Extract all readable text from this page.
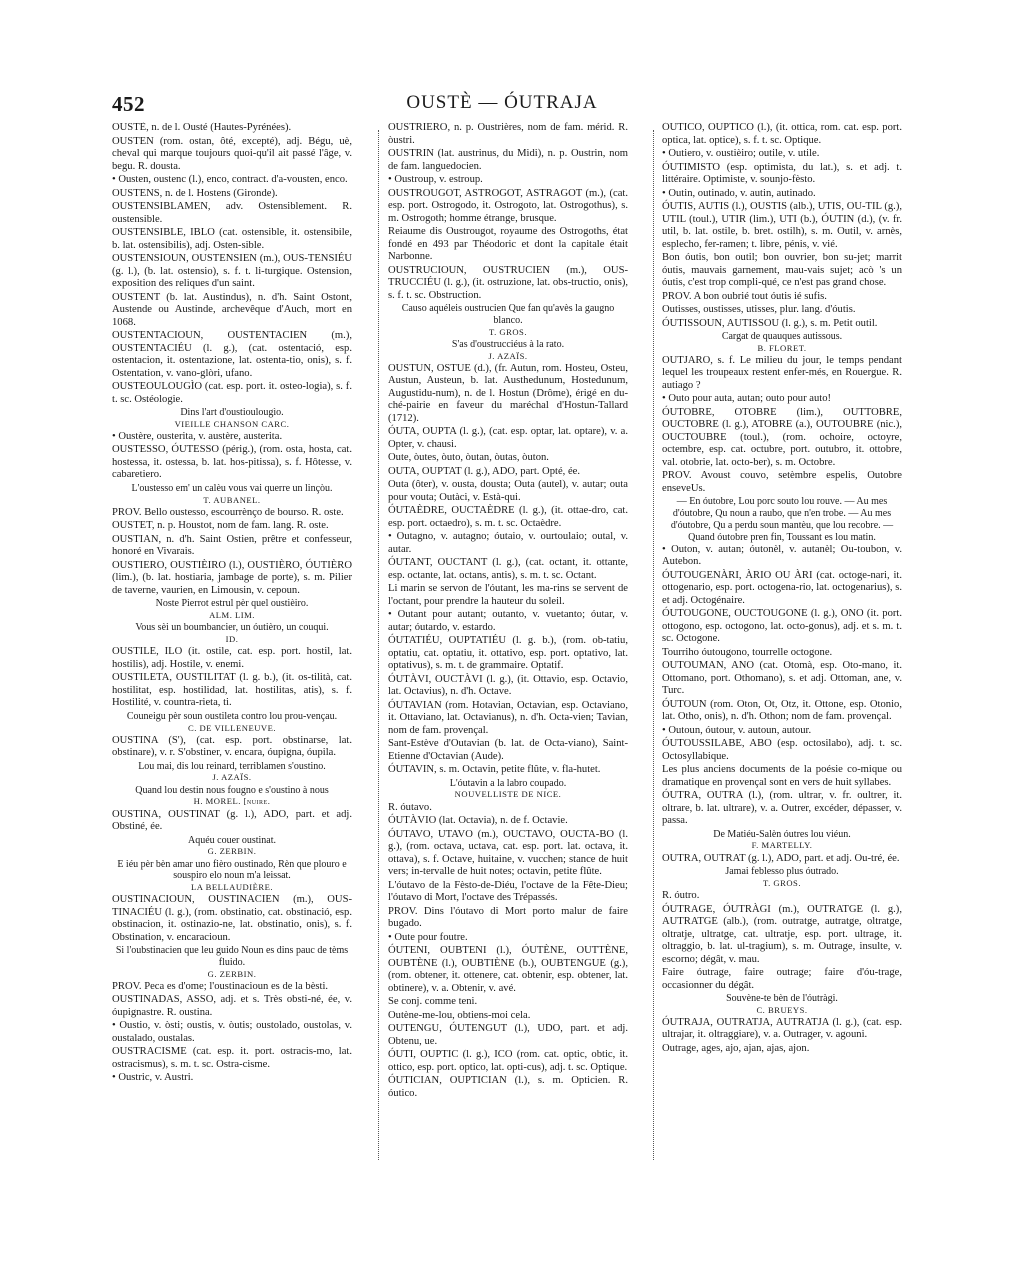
452	OUSTÈ — ÓUTRAJA

OUSTÈ, n. de l. Ousté (Hautes-Pyrénées).

OUSTEN (rom. ostan, ôté, excepté), adj. Bégu, uè, cheval qui marque toujours quoi-qu'il ait passé l'âge, v. begu. R. dousta.

• Ousten, oustenc (l.), enco, contract. d'a-vousten, enco.

OUSTENS, n. de l. Hostens (Gironde).

OUSTENSIBLAMEN, adv. Ostensiblement. R. oustensible.

OUSTENSIBLE, IBLO (cat. ostensible, it. ostensibile, b. lat. ostensibilis), adj. Osten-sible.

OUSTENSIOUN, OUSTENSIEN (m.), OUS-TENSIÉU (g. l.), (b. lat. ostensio), s. f. t. li-turgique. Ostension, exposition des reliques d'un saint.

OUSTENT (b. lat. Austindus), n. d'h. Saint Ostont, Austende ou Austinde, archevêque d'Auch, mort en 1068.

OUSTENTACIOUN, OUSTENTACIEN (m.), OUSTENTACIÉU (l. g.), (cat. ostentació, esp. ostentacion, it. ostentazione, lat. ostenta-tio, onis), s. f. Ostentation, v. vano-glòri, ufano.

OUSTEOULOUGÌO (cat. esp. port. it. osteo-logia), s. f. t. sc. Ostéologie.

Dins l'art d'oustioulougìo.

VIEILLE CHANSON CARC.

• Oustère, ousterita, v. austère, austerita.

OUSTESSO, ÓUTESSO (périg.), (rom. osta, hosta, cat. hostessa, it. ostessa, b. lat. hos-pitissa), s. f. Hôtesse, v. cabaretiero.

L'oustesso em' un calèu vous vai querre un linçòu.

T. AUBANEL.

PROV. Bello oustesso, escourrènço de bourso. R. oste.

OUSTET, n. p. Houstot, nom de fam. lang. R. oste.

OUSTIAN, n. d'h. Saint Ostien, prêtre et confesseur, honoré en Vivarais.

OUSTIERO, OUSTIÈIRO (l.), OUSTIÈRO, ÓUTIÈRO (lim.), (b. lat. hostiaria, jambage de porte), s. m. Pilier de taverne, vaurien, en Limousin, v. cepoun.

Noste Pierrot estrul pèr quel oustièiro.

ALM. LIM.

Vous sèi un boumbancier, un óutièro, un couqui.

ID.

OUSTILE, ILO (it. ostile, cat. esp. port. hostil, lat. hostilis), adj. Hostile, v. enemi.

OUSTILETA, OUSTILITAT (l. g. b.), (it. os-tilità, cat. hostilitat, esp. hostilidad, lat. hostilitas, atis), s. f. Hostilité, v. countra-rieta, ti.

Couneigu pèr soun oustileta contro lou prou-vençau.

C. DE VILLENEUVE.

OUSTINA (S'), (cat. esp. port. obstinarse, lat. obstinare), v. r. S'obstiner, v. encara, óupigna, óupila.

Lou mai, dis lou reinard, terriblamen s'oustino.

J. AZAÏS.

Quand lou destin nous fougno e s'oustino à nous

H. MOREL. [nuire.

OUSTINA, OUSTINAT (g. l.), ADO, part. et adj. Obstiné, ée.

Aquéu couer oustinat.

G. ZERBIN.

E iéu pèr bèn amar uno fièro oustinado, Rèn que plouro e souspiro elo noun m'a leissat.

LA BELLAUDIÈRE.

OUSTINACIOUN, OUSTINACIEN (m.), OUS-TINACIÉU (l. g.), (rom. obstinatio, cat. obstinació, esp. obstinacion, it. ostinazio-ne, lat. obstinatio, onis), s. f. Obstination, v. encaracioun.

Si l'oubstinacien que leu guido Noun es dins pauc de tèms fluido.

G. ZERBIN.

PROV. Peca es d'ome; l'oustinacioun es de la bèsti.

OUSTINADAS, ASSO, adj. et s. Très obsti-né, ée, v. óupignastre. R. oustina.

• Oustio, v. òsti; oustis, v. òutis; oustolado, oustolas, v. oustalado, oustalas.

OUSTRACISME (cat. esp. it. port. ostracis-mo, lat. ostracismus), s. m. t. sc. Ostra-cisme.

• Oustric, v. Austri.

OUSTRIERO, n. p. Oustrières, nom de fam. mérid. R. òustri.

OUSTRIN (lat. austrinus, du Midi), n. p. Oustrin, nom de fam. languedocien.

• Oustroup, v. estroup.

OUSTROUGOT, ASTROGOT, ASTRAGOT (m.), (cat. esp. port. Ostrogodo, it. Ostrogoto, lat. Ostrogothus), s. m. Ostrogoth; homme étrange, brusque.

Reiaume dis Oustrougot, royaume des Ostrogoths, état fondé en 493 par Théodoric et dont la capitale était Narbonne.

OUSTRUCIOUN, OUSTRUCIEN (m.), OUS-TRUCCIÉU (l. g.), (it. ostruzione, lat. obs-tructio, onis), s. f. t. sc. Obstruction.

Causo aquéleis oustrucien Que fan qu'avès la gaugno blanco.

T. GROS.

S'as d'oustrucciéus à la rato.

J. AZAÏS.

OUSTUN, OSTUE (d.), (fr. Autun, rom. Hosteu, Osteu, Austun, Austeun, b. lat. Austhedunum, Hostedunum, Augustidu-num), n. de l. Hostun (Drôme), érigé en du-ché-pairie en faveur du maréchal d'Hostun-Tallard (1712).

ÓUTA, OUPTA (l. g.), (cat. esp. optar, lat. optare), v. a. Opter, v. chausi.

Oute, òutes, òuto, òutan, òutas, òuton.

OUTA, OUPTAT (l. g.), ADO, part. Opté, ée.

Outa (ôter), v. ousta, dousta; Outa (autel), v. autar; outa pour vouta; Outàci, v. Està-qui.

ÓUTAÈDRE, OUCTAÈDRE (l. g.), (it. ottae-dro, cat. esp. port. octaedro), s. m. t. sc. Octaèdre.

• Outagno, v. autagno; óutaio, v. ourtoulaio; outal, v. autar.

ÓUTANT, OUCTANT (l. g.), (cat. octant, it. ottante, esp. octante, lat. octans, antis), s. m. t. sc. Octant.

Li marin se servon de l'óutant, les ma-rins se servent de l'octant, pour prendre la hauteur du soleil.

• Outant pour autant; outanto, v. vuetanto; óutar, v. autar; óutardo, v. estardo.

ÓUTATIÉU, OUPTATIÉU (l. g. b.), (rom. ob-tatiu, optatiu, cat. optatiu, it. ottativo, esp. port. optativo, lat. optativus), s. m. t. de grammaire. Optatif.

ÓUTÀVI, OUCTÀVI (l. g.), (it. Ottavio, esp. Octavio, lat. Octavius), n. d'h. Octave.

ÓUTAVIAN (rom. Hotavian, Octavian, esp. Octaviano, it. Ottaviano, lat. Octavianus), n. d'h. Octa-vien; Tavian, nom de fam. provençal.

Sant-Estève d'Outavian (b. lat. de Octa-viano), Saint-Etienne d'Octavian (Aude).

ÓUTAVIN, s. m. Octavin, petite flûte, v. fla-hutet.

L'óutavin a la labro coupado.

NOUVELLISTE DE NICE.

R. óutavo.

ÓUTÀVIO (lat. Octavia), n. de f. Octavie.

ÓUTAVO, UTAVO (m.), OUCTAVO, OUCTA-BO (l. g.), (rom. octava, uctava, cat. esp. port. lat. octava, it. ottava), s. f. Octave, huitaine, v. vucchen; stance de huit vers; in-tervalle de huit notes; octavin, petite flûte.

L'óutavo de la Fèsto-de-Diéu, l'octave de la Fête-Dieu; l'óutavo di Mort, l'octave des Trépassés.

PROV. Dins l'óutavo di Mort porto malur de faire bugado.

• Oute pour foutre.

ÓUTENI, OUBTENI (l.), ÓUTÈNE, OUTTÈNE, OUBTÈNE (l.), OUBTIÈNE (b.), OUBTENGUE (g.), (rom. obtener, it. ottenere, cat. obtenir, esp. obtener, lat. obtinere), v. a. Obtenir, v. avé.

Se conj. comme teni.

Outène-me-lou, obtiens-moi cela.

OUTENGU, ÓUTENGUT (l.), UDO, part. et adj. Obtenu, ue.

ÓUTI, OUPTIC (l. g.), ICO (rom. cat. optic, obtic, it. ottico, esp. port. optico, lat. opti-cus), adj. t. sc. Optique.

ÓUTICIAN, OUPTICIAN (l.), s. m. Opticien. R. óutico.

ÓUTICO, OUPTICO (l.), (it. ottica, rom. cat. esp. port. optica, lat. optice), s. f. t. sc. Optique.

• Outiero, v. oustièiro; outile, v. utile.

ÓUTIMISTO (esp. optimista, du lat.), s. et adj. t. littéraire. Optimiste, v. sounjo-fèsto.

• Outin, outinado, v. autin, autinado.

ÓUTIS, AUTIS (l.), OUSTIS (alb.), UTIS, OU-TIL (g.), UTIL (toul.), UTIR (lim.), UTI (b.), ÓUTIN (d.), (v. fr. util, b. lat. ostile, b. bret. ostilh), s. m. Outil, v. arnès, esplecho, fer-ramen; t. libre, pénis, v. vié.

Bon óutis, bon outil; bon ouvrier, bon su-jet; marrit óutis, mauvais garnement, mau-vais sujet; acò 's un óutis, c'est trop compli-qué, ce n'est pas grand chose.

PROV. A bon oubrié tout óutis ié sufis.

Outisses, oustisses, utisses, plur. lang. d'óutis.

ÓUTISSOUN, AUTISSOU (l. g.), s. m. Petit outil.

Cargat de quauques autissous.

B. FLORET.

OUTJARO, s. f. Le milieu du jour, le temps pendant lequel les troupeaux restent enfer-més, en Rouergue. R. autiago ?

• Outo pour auta, autan; outo pour auto!

ÓUTOBRE, OTOBRE (lim.), OUTTOBRE, OUCTOBRE (l. g.), ATOBRE (a.), OUTOUBRE (nic.), OUCTOUBRE (toul.), (rom. ochoire, octoyre, octembre, esp. cat. octubre, port. outubro, it. ottobre, val. otobrie, lat. octo-ber), s. m. Octobre.

PROV. Avoust couvo, setèmbre espelis, Outobre enseveUs.

— En óutobre, Lou porc souto lou rouve. — Au mes d'óutobre, Qu noun a raubo, que n'en trobe. — Au mes d'óutobre, Qu a perdu soun mantèu, que lou recobre. — Quand óutobre pren fin, Toussant es lou matin.

• Outon, v. autan; óutonèl, v. autanèl; Ou-toubon, v. Autebon.

ÓUTOUGENÀRI, ÀRIO OU ÀRI (cat. octoge-nari, it. ottogenario, esp. port. octogena-rio, lat. octogenarius), s. et adj. Octogénaire.

ÓUTOUGONE, OUCTOUGONE (l. g.), ONO (it. port. ottogono, esp. octogono, lat. octo-gonus), adj. et s. m. t. sc. Octogone.

Tourriho óutougono, tourrelle octogone.

OUTOUMAN, ANO (cat. Otomà, esp. Oto-mano, it. Ottomano, port. Othomano), s. et adj. Ottoman, ane, v. Turc.

ÓUTOUN (rom. Oton, Ot, Otz, it. Ottone, esp. Otonio, lat. Otho, onis), n. d'h. Othon; nom de fam. provençal.

• Outoun, óutour, v. autoun, autour.

ÓUTOUSSILABE, ABO (esp. octosilabo), adj. t. sc. Octosyllabique.

Les plus anciens documents de la poésie co-mique ou dramatique en provençal sont en vers de huit syllabes.

ÓUTRA, OUTRA (l.), (rom. ultrar, v. fr. oultrer, it. oltrare, b. lat. ultrare), v. a. Outrer, excéder, dépasser, v. passa.

De Matiéu-Salèn óutres lou viéun.

F. MARTELLY.

OUTRA, OUTRAT (g. l.), ADO, part. et adj. Ou-tré, ée.

Jamai feblesso plus óutrado.

T. GROS.

R. óutro.

ÓUTRAGE, ÓUTRÀGI (m.), OUTRATGE (l. g.), AUTRATGE (alb.), (rom. outratge, autratge, oltratge, oltratje, ultratge, cat. ultratje, esp. port. ultrage, it. oltraggio, b. lat. ul-tragium), s. m. Outrage, insulte, v. escorno; dégât, v. mau.

Faire óutrage, faire outrage; faire d'óu-trage, occasionner du dégât.

Souvène-te bèn de l'óutràgi.

C. BRUEYS.

ÓUTRAJA, OUTRATJA, AUTRATJA (l. g.), (cat. esp. ultrajar, it. oltraggiare), v. a. Outrager, v. agouni.

Outrage, ages, ajo, ajan, ajas, ajon.
